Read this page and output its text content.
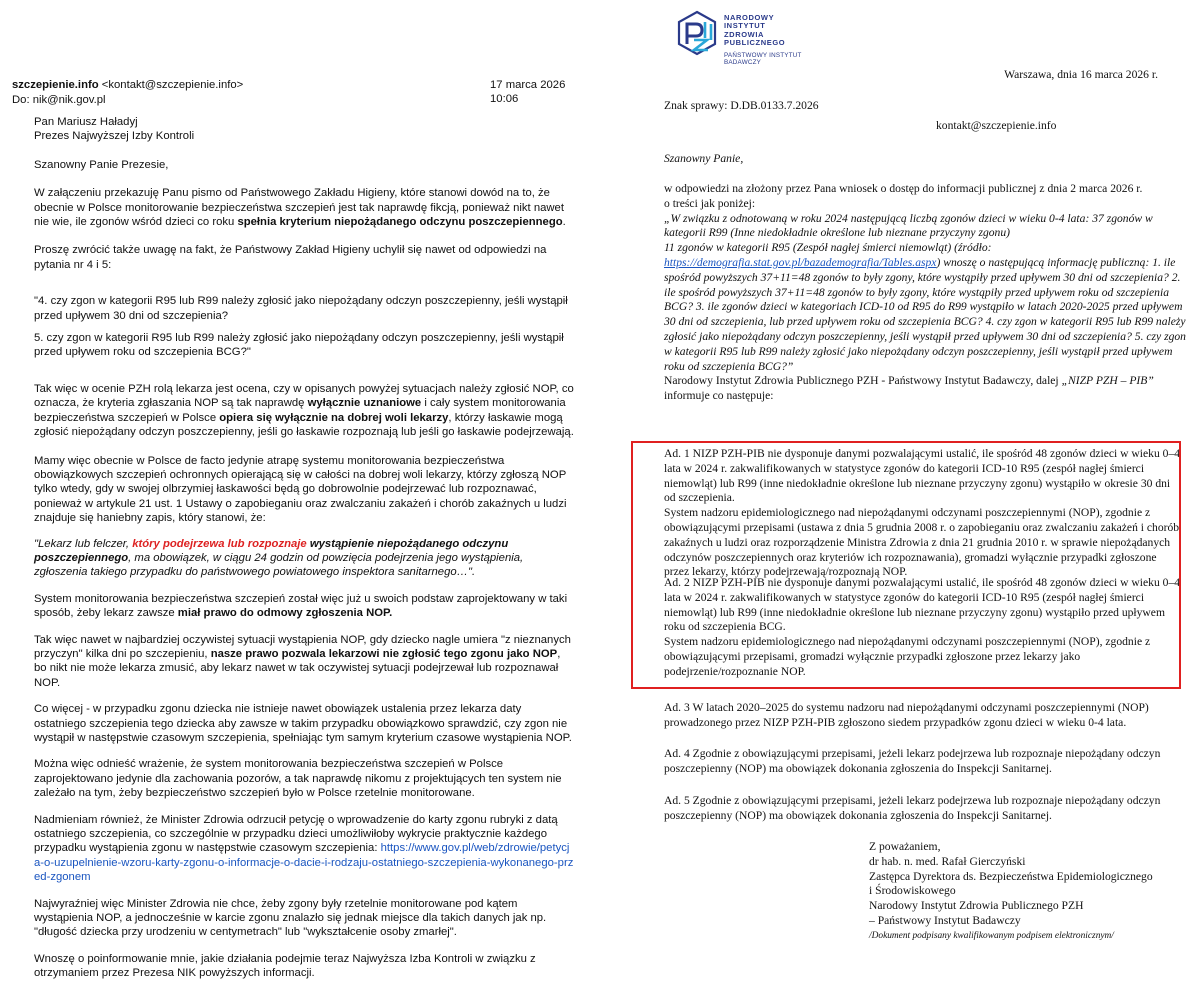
szczepienie.info <kontakt@szczepienie.info>	17 marca 2026 10:06
Do: nik@nik.gov.pl

Pan Mariusz Haładyj

Prezes Najwyższej Izby Kontroli

Szanowny Panie Prezesie,

W załączeniu przekazuję Panu pismo od Państwowego Zakładu Higieny, które stanowi dowód na to, że obecnie w Polsce monitorowanie bezpieczeństwa szczepień jest tak naprawdę fikcją, ponieważ nikt nawet nie wie, ile zgonów wśród dzieci co roku spełnia kryterium niepożądanego odczynu poszczepiennego.

Proszę zwrócić także uwagę na fakt, że Państwowy Zakład Higieny uchylił się nawet od odpowiedzi na pytania nr 4 i 5:

"4. czy zgon w kategorii R95 lub R99 należy zgłosić jako niepożądany odczyn poszczepienny, jeśli wystąpił przed upływem 30 dni od szczepienia?

5. czy zgon w kategorii R95 lub R99 należy zgłosić jako niepożądany odczyn poszczepienny, jeśli wystąpił przed upływem roku od szczepienia BCG?"

Tak więc w ocenie PZH rolą lekarza jest ocena, czy w opisanych powyżej sytuacjach należy zgłosić NOP, co oznacza, że kryteria zgłaszania NOP są tak naprawdę wyłącznie uznaniowe i cały system monitorowania bezpieczeństwa szczepień w Polsce opiera się wyłącznie na dobrej woli lekarzy, którzy łaskawie mogą zgłosić niepożądany odczyn poszczepienny, jeśli go łaskawie rozpoznają lub jeśli go łaskawie podejrzewają.

Mamy więc obecnie w Polsce de facto jedynie atrapę systemu monitorowania bezpieczeństwa obowiązkowych szczepień ochronnych opierającą się w całości na dobrej woli lekarzy, którzy zgłoszą NOP tylko wtedy, gdy w swojej olbrzymiej łaskawości będą go dobrowolnie podejrzewać lub rozpoznawać, ponieważ w artykule 21 ust. 1 Ustawy o zapobieganiu oraz zwalczaniu zakażeń i chorób zakaźnych u ludzi znajduje się haniebny zapis, który stanowi, że:

"Lekarz lub felczer, który podejrzewa lub rozpoznaje wystąpienie niepożądanego odczynu poszczepiennego, ma obowiązek, w ciągu 24 godzin od powzięcia podejrzenia jego wystąpienia, zgłoszenia takiego przypadku do państwowego powiatowego inspektora sanitarnego…".

System monitorowania bezpieczeństwa szczepień został więc już u swoich podstaw zaprojektowany w taki sposób, żeby lekarz zawsze miał prawo do odmowy zgłoszenia NOP.

Tak więc nawet w najbardziej oczywistej sytuacji wystąpienia NOP, gdy dziecko nagle umiera "z nieznanych przyczyn" kilka dni po szczepieniu, nasze prawo pozwala lekarzowi nie zgłosić tego zgonu jako NOP, bo nikt nie może lekarza zmusić, aby lekarz nawet w tak oczywistej sytuacji podejrzewał lub rozpoznawał NOP.

Co więcej - w przypadku zgonu dziecka nie istnieje nawet obowiązek ustalenia przez lekarza daty ostatniego szczepienia tego dziecka aby zawsze w takim przypadku obowiązkowo sprawdzić, czy zgon nie wystąpił w następstwie czasowym szczepienia, spełniając tym samym kryterium czasowe wystąpienia NOP.

Można więc odnieść wrażenie, że system monitorowania bezpieczeństwa szczepień w Polsce zaprojektowano jedynie dla zachowania pozorów, a tak naprawdę nikomu z projektujących ten system nie zależało na tym, żeby bezpieczeństwo szczepień było w Polsce rzetelnie monitorowane.

Nadmieniam również, że Minister Zdrowia odrzucił petycję o wprowadzenie do karty zgonu rubryki z datą ostatniego szczepienia, co szczególnie w przypadku dzieci umożliwiłoby wykrycie praktycznie każdego przypadku wystąpienia zgonu w następstwie czasowym szczepienia: https://www.gov.pl/web/zdrowie/petycja-o-uzupelnienie-wzoru-karty-zgonu-o-informacje-o-dacie-i-rodzaju-ostatniego-szczepienia-wykonanego-przed-zgonem

Najwyraźniej więc Minister Zdrowia nie chce, żeby zgony były rzetelnie monitorowane pod kątem wystąpienia NOP, a jednocześnie w karcie zgonu znalazło się jednak miejsce dla takich danych jak np. "długość dziecka przy urodzeniu w centymetrach" lub "wykształcenie osoby zmarłej".

Wnoszę o poinformowanie mnie, jakie działania podejmie teraz Najwyższa Izba Kontroli w związku z otrzymaniem przez Prezesa NIK powyższych informacji.

NARODOWY
INSTYTUT
ZDROWIA
PUBLICZNEGO
PAŃSTWOWY INSTYTUT
BADAWCZY
Warszawa, dnia 16 marca 2026 r.
Znak sprawy: D.DB.0133.7.2026
kontakt@szczepienie.info
Szanowny Panie,

w odpowiedzi na złożony przez Pana wniosek o dostęp do informacji publicznej z dnia 2 marca 2026 r.

o treści jak poniżej:

„W związku z odnotowaną w roku 2024 następującą liczbą zgonów dzieci w wieku 0-4 lata: 37 zgonów w kategorii R99 (Inne niedokładnie określone lub nieznane przyczyny zgonu)

11 zgonów w kategorii R95 (Zespół nagłej śmierci niemowląt) (źródło: https://demografia.stat.gov.pl/bazademografia/Tables.aspx) wnoszę o następującą informację publiczną: 1. ile spośród powyższych 37+11=48 zgonów to były zgony, które wystąpiły przed upływem 30 dni od szczepienia? 2. ile spośród powyższych 37+11=48 zgonów to były zgony, które wystąpiły przed upływem roku od szczepienia BCG? 3. ile zgonów dzieci w kategoriach ICD-10 od R95 do R99 wystąpiło w latach 2020-2025 przed upływem 30 dni od szczepienia, lub przed upływem roku od szczepienia BCG? 4. czy zgon w kategorii R95 lub R99 należy zgłosić jako niepożądany odczyn poszczepienny, jeśli wystąpił przed upływem 30 dni od szczepienia? 5. czy zgon w kategorii R95 lub R99 należy zgłosić jako niepożądany odczyn poszczepienny, jeśli wystąpił przed upływem roku od szczepienia BCG?”

Narodowy Instytut Zdrowia Publicznego PZH - Państwowy Instytut Badawczy, dalej „NIZP PZH – PIB”

informuje co następuje:

Ad. 1 NIZP PZH-PIB nie dysponuje danymi pozwalającymi ustalić, ile spośród 48 zgonów dzieci w wieku 0–4 lata w 2024 r. zakwalifikowanych w statystyce zgonów do kategorii ICD-10 R95 (zespół nagłej śmierci niemowląt) lub R99 (inne niedokładnie określone lub nieznane przyczyny zgonu) wystąpiło w okresie 30 dni od szczepienia.

System nadzoru epidemiologicznego nad niepożądanymi odczynami poszczepiennymi (NOP), zgodnie z obowiązującymi przepisami (ustawa z dnia 5 grudnia 2008 r. o zapobieganiu oraz zwalczaniu zakażeń i chorób zakaźnych u ludzi oraz rozporządzenie Ministra Zdrowia z dnia 21 grudnia 2010 r. w sprawie niepożądanych odczynów poszczepiennych oraz kryteriów ich rozpoznawania), gromadzi wyłącznie przypadki zgłoszone przez lekarzy, którzy podejrzewają/rozpoznają NOP.

Ad. 2 NIZP PZH-PIB nie dysponuje danymi pozwalającymi ustalić, ile spośród 48 zgonów dzieci w wieku 0–4 lata w 2024 r. zakwalifikowanych w statystyce zgonów do kategorii ICD-10 R95 (zespół nagłej śmierci niemowląt) lub R99 (inne niedokładnie określone lub nieznane przyczyny zgonu) wystąpiło przed upływem roku od szczepienia BCG.

System nadzoru epidemiologicznego nad niepożądanymi odczynami poszczepiennymi (NOP), zgodnie z obowiązującymi przepisami, gromadzi wyłącznie przypadki zgłoszone przez lekarzy jako podejrzenie/rozpoznanie NOP.

Ad. 3 W latach 2020–2025 do systemu nadzoru nad niepożądanymi odczynami poszczepiennymi (NOP) prowadzonego przez NIZP PZH-PIB zgłoszono siedem przypadków zgonu dzieci w wieku 0-4 lata.
Ad. 4 Zgodnie z obowiązującymi przepisami, jeżeli lekarz podejrzewa lub rozpoznaje niepożądany odczyn poszczepienny (NOP) ma obowiązek dokonania zgłoszenia do Inspekcji Sanitarnej.
Ad. 5 Zgodnie z obowiązującymi przepisami, jeżeli lekarz podejrzewa lub rozpoznaje niepożądany odczyn poszczepienny (NOP) ma obowiązek dokonania zgłoszenia do Inspekcji Sanitarnej.

Z poważaniem,

dr hab. n. med. Rafał Gierczyński

Zastępca Dyrektora ds. Bezpieczeństwa Epidemiologicznego

i Środowiskowego

Narodowy Instytut Zdrowia Publicznego PZH

– Państwowy Instytut Badawczy

/Dokument podpisany kwalifikowanym podpisem elektronicznym/
